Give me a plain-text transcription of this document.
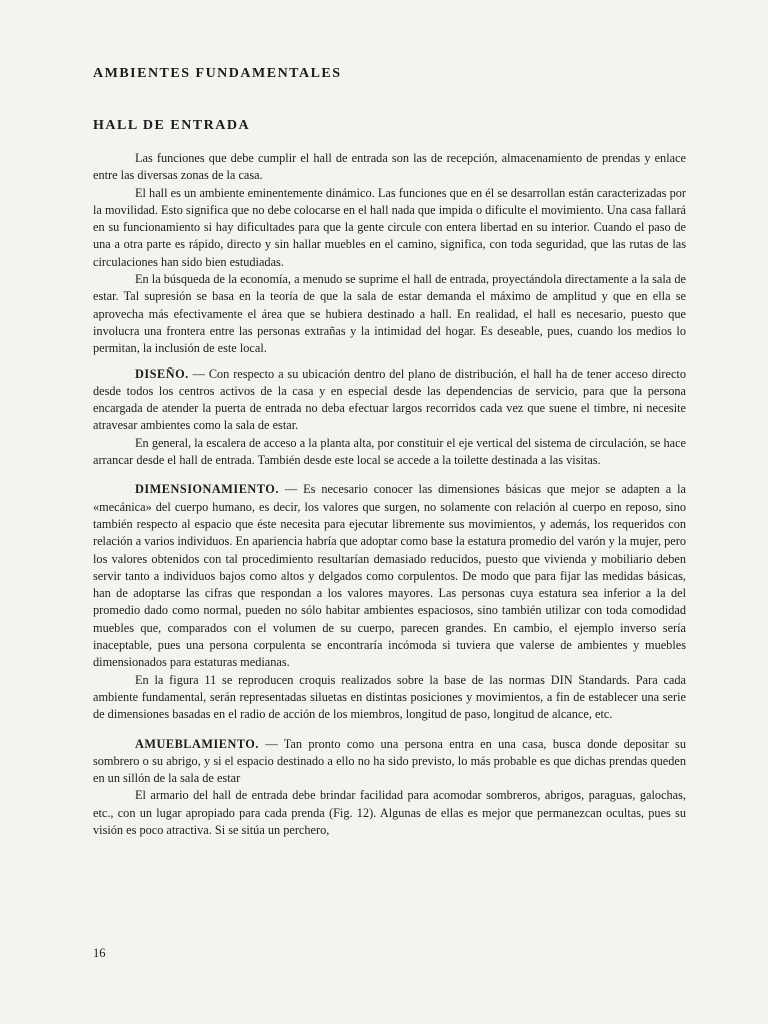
AMBIENTES FUNDAMENTALES
HALL DE ENTRADA

Las funciones que debe cumplir el hall de entrada son las de recepción, almacenamiento de prendas y enlace entre las diversas zonas de la casa.

El hall es un ambiente eminentemente dinámico. Las funciones que en él se desarrollan están caracterizadas por la movilidad. Esto significa que no debe colocarse en el hall nada que impida o dificulte el movimiento. Una casa fallará en su funcionamiento si hay dificultades para que la gente circule con entera libertad en su interior. Cuando el paso de una a otra parte es rápido, directo y sin hallar muebles en el camino, significa, con toda seguridad, que las rutas de las circulaciones han sido bien estudiadas.

En la búsqueda de la economía, a menudo se suprime el hall de entrada, proyectándola directamente a la sala de estar. Tal supresión se basa en la teoría de que la sala de estar demanda el máximo de amplitud y que en ella se aprovecha más efectivamente el área que se hubiera destinado a hall. En realidad, el hall es necesario, puesto que involucra una frontera entre las personas extrañas y la intimidad del hogar. Es deseable, pues, cuando los medios lo permitan, la inclusión de este local.

DISEÑO. — Con respecto a su ubicación dentro del plano de distribución, el hall ha de tener acceso directo desde todos los centros activos de la casa y en especial desde las dependencias de servicio, para que la persona encargada de atender la puerta de entrada no deba efectuar largos recorridos cada vez que suene el timbre, ni necesite atravesar ambientes como la sala de estar.

En general, la escalera de acceso a la planta alta, por constituir el eje vertical del sistema de circulación, se hace arrancar desde el hall de entrada. También desde este local se accede a la toilette destinada a las visitas.

DIMENSIONAMIENTO. — Es necesario conocer las dimensiones básicas que mejor se adapten a la «mecánica» del cuerpo humano, es decir, los valores que surgen, no solamente con relación al cuerpo en reposo, sino también respecto al espacio que éste necesita para ejecutar libremente sus movimientos, y además, los requeridos con relación a varios individuos. En apariencia habría que adoptar como base la estatura promedio del varón y la mujer, pero los valores obtenidos con tal procedimiento resultarían demasiado reducidos, puesto que vivienda y mobiliario deben servir tanto a individuos bajos como altos y delgados como corpulentos. De modo que para fijar las medidas básicas, han de adoptarse las cifras que respondan a los valores mayores. Las personas cuya estatura sea inferior a la del promedio dado como normal, pueden no sólo habitar ambientes espaciosos, sino también utilizar con toda comodidad muebles que, comparados con el volumen de su cuerpo, parecen grandes. En cambio, el ejemplo inverso sería inaceptable, pues una persona corpulenta se encontraría incómoda si tuviera que valerse de ambientes y muebles dimensionados para estaturas medianas.

En la figura 11 se reproducen croquis realizados sobre la base de las normas DIN Standards. Para cada ambiente fundamental, serán representadas siluetas en distintas posiciones y movimientos, a fin de establecer una serie de dimensiones basadas en el radio de acción de los miembros, longitud de paso, longitud de alcance, etc.

AMUEBLAMIENTO. — Tan pronto como una persona entra en una casa, busca donde depositar su sombrero o su abrigo, y si el espacio destinado a ello no ha sido previsto, lo más probable es que dichas prendas queden en un sillón de la sala de estar

El armario del hall de entrada debe brindar facilidad para acomodar sombreros, abrigos, paraguas, galochas, etc., con un lugar apropiado para cada prenda (Fig. 12). Algunas de ellas es mejor que permanezcan ocultas, pues su visión es poco atractiva. Si se sitúa un perchero,

16
